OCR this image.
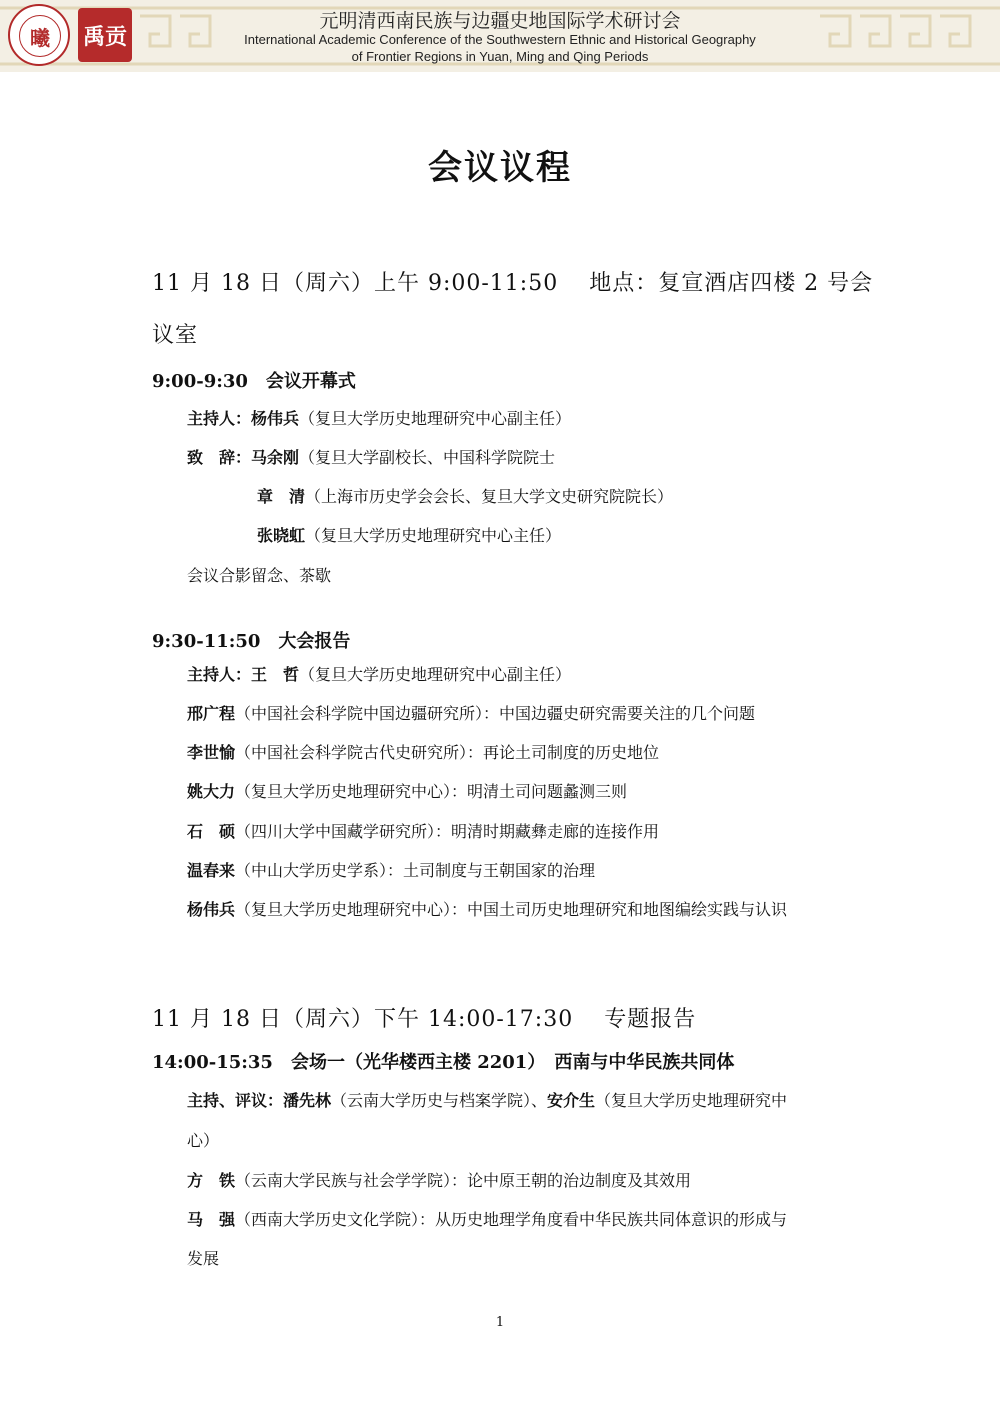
曦 禹贡
元明清西南民族与边疆史地国际学术研讨会
International Academic Conference of the Southwestern Ethnic and Historical Geography
of Frontier Regions in Yuan, Ming and Qing Periods
会议议程
11 月 18 日（周六）上午 9:00-11:50　 地点：复宣酒店四楼 2 号会
议室
9:00-9:30　会议开幕式
主持人：杨伟兵（复旦大学历史地理研究中心副主任）
致　辞：马余刚（复旦大学副校长、中国科学院院士
章　清（上海市历史学会会长、复旦大学文史研究院院长）
张晓虹（复旦大学历史地理研究中心主任）
会议合影留念、茶歇
9:30-11:50　大会报告
主持人：王　哲（复旦大学历史地理研究中心副主任）
邢广程（中国社会科学院中国边疆研究所）：中国边疆史研究需要关注的几个问题
李世愉（中国社会科学院古代史研究所）：再论土司制度的历史地位
姚大力（复旦大学历史地理研究中心）：明清土司问题蠡测三则
石　硕（四川大学中国藏学研究所）：明清时期藏彝走廊的连接作用
温春来（中山大学历史学系）：土司制度与王朝国家的治理
杨伟兵（复旦大学历史地理研究中心）：中国土司历史地理研究和地图编绘实践与认识
11 月 18 日（周六）下午 14:00-17:30　 专题报告
14:00-15:35　会场一（光华楼西主楼 2201）　西南与中华民族共同体
主持、评议：潘先林（云南大学历史与档案学院）、安介生（复旦大学历史地理研究中
心）
方　铁（云南大学民族与社会学学院）：论中原王朝的治边制度及其效用
马　强（西南大学历史文化学院）：从历史地理学角度看中华民族共同体意识的形成与
发展
1
